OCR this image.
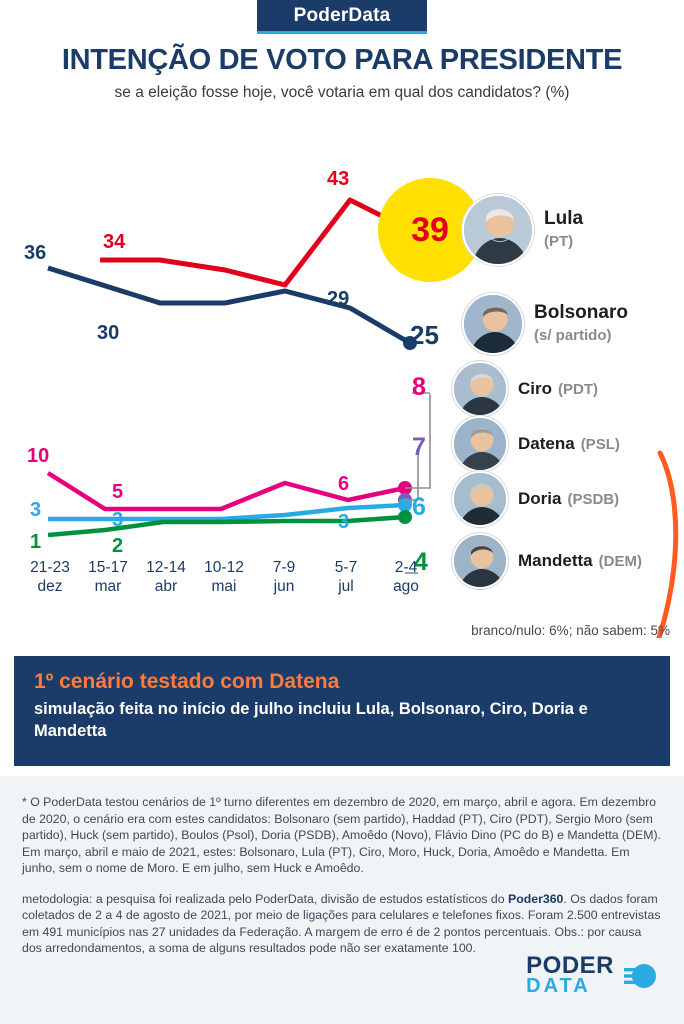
PoderData
INTENÇÃO DE VOTO PARA PRESIDENTE
se a eleição fosse hoje, você votaria em qual dos candidatos? (%)
39
36
30
29
25
34
43
10
5	6
8
7
3	3	3
6
1	2
4
21-23
dez
15-17
mar
12-14
abr
10-12
mai
7-9
jun
5-7
jul
2-4
ago
Lula
(PT)
Bolsonaro
(s/ partido)
Ciro (PDT)
Datena (PSL)
Doria (PSDB)
Mandetta (DEM)
branco/nulo: 6%; não sabem: 5%
1º cenário testado com Datena

simulação feita no início de julho incluiu Lula, Bolsonaro, Ciro, Doria e Mandetta

* O PoderData testou cenários de 1º turno diferentes em dezembro de 2020, em março, abril e agora. Em dezembro de 2020, o cenário era com estes candidatos: Bolsonaro (sem partido), Haddad (PT), Ciro (PDT), Sergio Moro (sem partido), Huck (sem partido), Boulos (Psol), Doria (PSDB), Amoêdo (Novo), Flávio Dino (PC do B) e Mandetta (DEM). Em março, abril e maio de 2021, estes: Bolsonaro, Lula (PT), Ciro, Moro, Huck, Doria, Amoêdo e Mandetta. Em junho, sem o nome de Moro. E em julho, sem Huck e Amoêdo.
metodologia: a pesquisa foi realizada pelo PoderData, divisão de estudos estatísticos do Poder360. Os dados foram coletados de 2 a 4 de agosto de 2021, por meio de ligações para celulares e telefones fixos. Foram 2.500 entrevistas em 491 municípios nas 27 unidades da Federação. A margem de erro é de 2 pontos percentuais. Obs.: por causa dos arredondamentos, a soma de alguns resultados pode não ser exatamente 100.
PODER
DATA
